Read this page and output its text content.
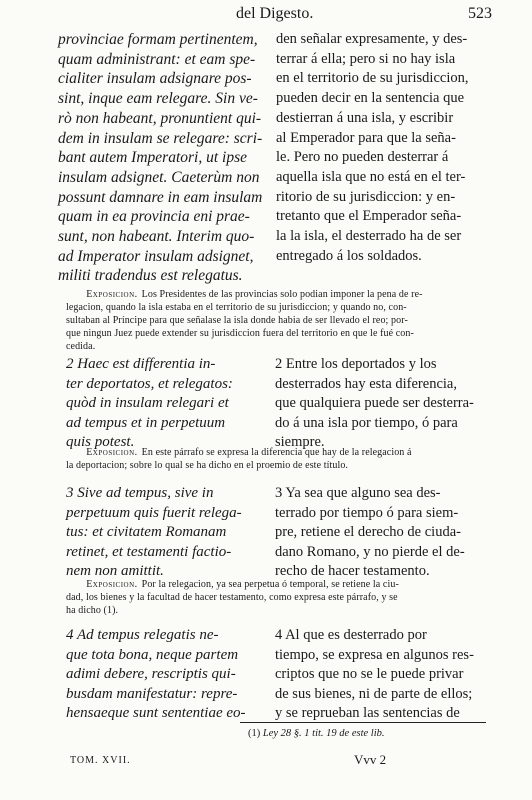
del Digesto.	523
provinciae formam pertinentem,
quam administrant: et eam spe-
cialiter insulam adsignare pos-
sint, inque eam relegare. Sin ve-
rò non habeant, pronuntient qui-
dem in insulam se relegare: scri-
bant autem Imperatori, ut ipse
insulam adsignet. Caeterùm non
possunt damnare in eam insulam
quam in ea provincia eni prae-
sunt, non habeant. Interim quo-
ad Imperator insulam adsignet,
militi tradendus est relegatus.
den señalar expresamente, y des-
terrar á ella; pero si no hay isla
en el territorio de su jurisdiccion,
pueden decir en la sentencia que
destierran á una isla, y escribir
al Emperador para que la seña-
le. Pero no pueden desterrar á
aquella isla que no está en el ter-
ritorio de su jurisdiccion: y en-
tretanto que el Emperador seña-
la la isla, el desterrado ha de ser
entregado á los soldados.
  Exposicion. Los Presidentes de las provincias solo podian imponer la pena de re-
legacion, quando la isla estaba en el territorio de su jurisdiccion; y quando no, con-
sultaban al Príncipe para que señalase la isla donde habia de ser llevado el reo; por-
que ningun Juez puede extender su jurisdiccion fuera del territorio en que le fué con-
cedida.
2 Haec est differentia in-
ter deportatos, et relegatos:
quòd in insulam relegari et
ad tempus et in perpetuum
quis potest.
2 Entre los deportados y los
desterrados hay esta diferencia,
que qualquiera puede ser desterra-
do á una isla por tiempo, ó para
siempre.
  Exposicion. En este párrafo se expresa la diferencia que hay de la relegacion á
la deportacion; sobre lo qual se ha dicho en el proemio de este título.
3 Sive ad tempus, sive in
perpetuum quis fuerit relega-
tus: et civitatem Romanam
retinet, et testamenti factio-
nem non amittit.
3 Ya sea que alguno sea des-
terrado por tiempo ó para siem-
pre, retiene el derecho de ciuda-
dano Romano, y no pierde el de-
recho de hacer testamento.
  Exposicion. Por la relegacion, ya sea perpetua ó temporal, se retiene la ciu-
dad, los bienes y la facultad de hacer testamento, como expresa este párrafo, y se
ha dicho (1).
4 Ad tempus relegatis ne-
que tota bona, neque partem
adimi debere, rescriptis qui-
busdam manifestatur: repre-
hensaeque sunt sententiae eo-
4 Al que es desterrado por
tiempo, se expresa en algunos res-
criptos que no se le puede privar
de sus bienes, ni de parte de ellos;
y se reprueban las sentencias de
(1) Ley 28 §. 1 tit. 19 de este lib.
TOM. XVII.	Vvv 2
